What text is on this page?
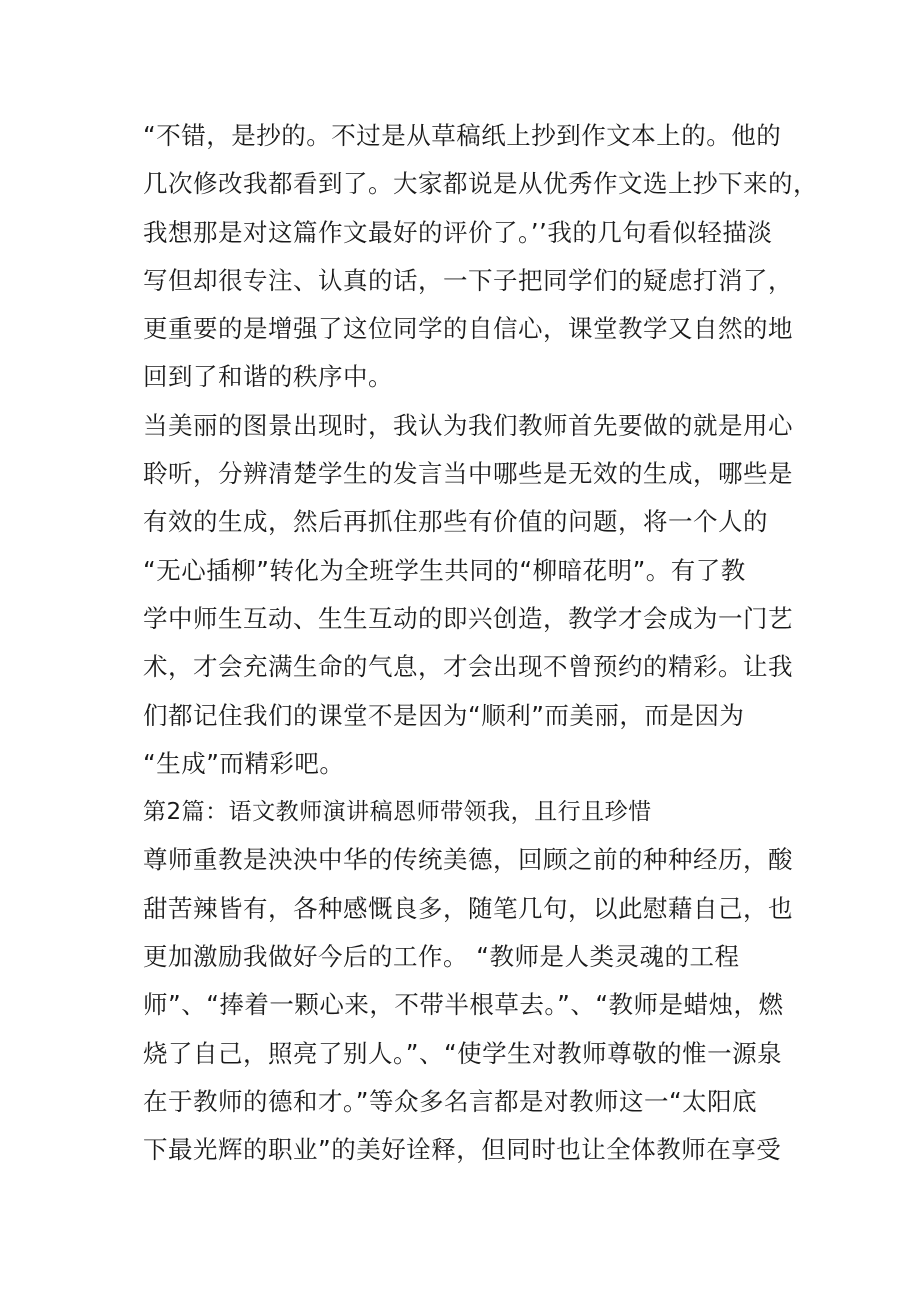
“不错，是抄的。不过是从草稿纸上抄到作文本上的。他的
几次修改我都看到了。大家都说是从优秀作文选上抄下来的，
我想那是对这篇作文最好的评价了。’’我的几句看似轻描淡
写但却很专注、认真的话，一下子把同学们的疑虑打消了，
更重要的是增强了这位同学的自信心，课堂教学又自然的地
回到了和谐的秩序中。
当美丽的图景出现时，我认为我们教师首先要做的就是用心
聆听，分辨清楚学生的发言当中哪些是无效的生成，哪些是
有效的生成，然后再抓住那些有价值的问题，将一个人的
“无心插柳”转化为全班学生共同的“柳暗花明”。有了教
学中师生互动、生生互动的即兴创造，教学才会成为一门艺
术，才会充满生命的气息，才会出现不曾预约的精彩。让我
们都记住我们的课堂不是因为“顺利”而美丽，而是因为
“生成”而精彩吧。
第2篇：语文教师演讲稿恩师带领我，且行且珍惜
尊师重教是泱泱中华的传统美德，回顾之前的种种经历，酸
甜苦辣皆有，各种感慨良多，随笔几句，以此慰藉自己，也
更加激励我做好今后的工作。 “教师是人类灵魂的工程
师”、“捧着一颗心来，不带半根草去。”、“教师是蜡烛，燃
烧了自己，照亮了别人。”、“使学生对教师尊敬的惟一源泉
在于教师的德和才。”等众多名言都是对教师这一“太阳底
下最光辉的职业”的美好诠释，但同时也让全体教师在享受
